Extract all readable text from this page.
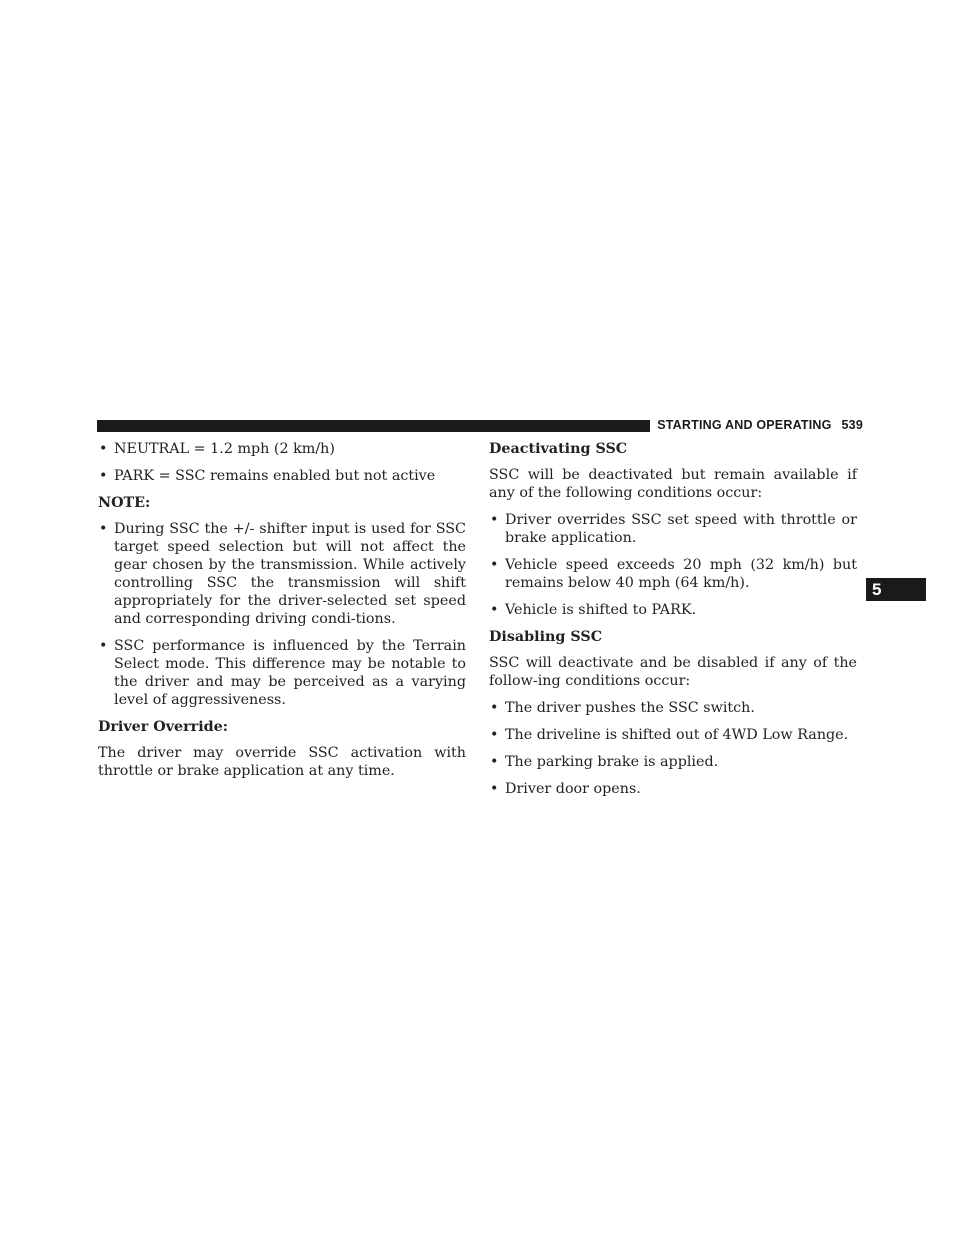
STARTING AND OPERATING 539
5
• NEUTRAL = 1.2 mph (2 km/h)
• PARK = SSC remains enabled but not active
NOTE:
• During SSC the +/- shifter input is used for SSC target speed selection but will not affect the gear chosen by the transmission. While actively controlling SSC the transmission will shift appropriately for the driver-selected set speed and corresponding driving condi-tions.
• SSC performance is influenced by the Terrain Select mode. This difference may be notable to the driver and may be perceived as a varying level of aggressiveness.
Driver Override:

The driver may override SSC activation with throttle or brake application at any time.

Deactivating SSC

SSC will be deactivated but remain available if any of the following conditions occur:

• Driver overrides SSC set speed with throttle or brake application.
• Vehicle speed exceeds 20 mph (32 km/h) but remains below 40 mph (64 km/h).
• Vehicle is shifted to PARK.
Disabling SSC

SSC will deactivate and be disabled if any of the follow-ing conditions occur:

• The driver pushes the SSC switch.
• The driveline is shifted out of 4WD Low Range.
• The parking brake is applied.
• Driver door opens.
